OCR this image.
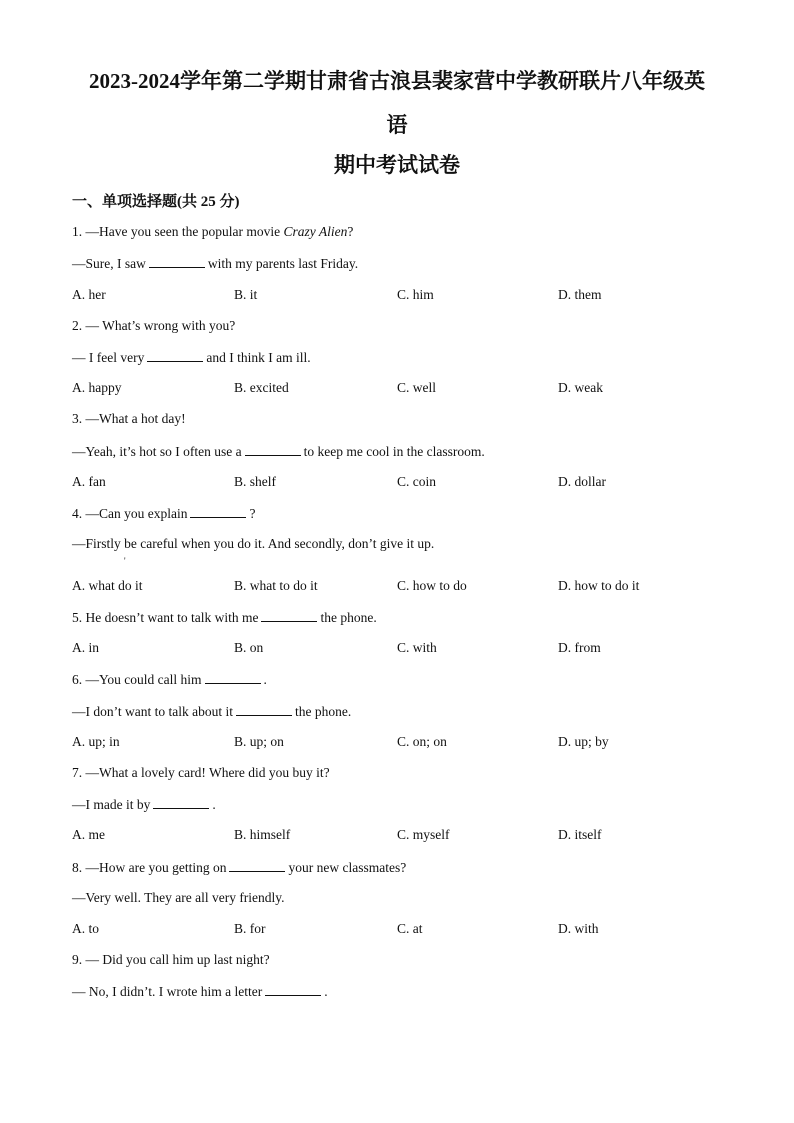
2023-2024学年第二学期甘肃省古浪县裴家营中学教研联片八年级英
语
期中考试试卷
一、单项选择题(共 25 分)
1. —Have you seen the popular movie Crazy Alien?
—Sure, I saw	with my parents last Friday.
A. her	B. it	C. him	D. them
2. — What’s wrong with you?
— I feel very	and I think I am ill.
A. happy	B. excited	C. well	D. weak
3. —What a hot day!
—Yeah, it’s hot so I often use a	to keep me cool in the classroom.
A. fan	B. shelf	C. coin	D. dollar
4. —Can you explain	?
—Firstly be careful when you do it. And secondly, don’t give it up.
'
A. what do it	B. what to do it	C. how to do	D. how to do it
5. He doesn’t want to talk with me	the phone.
A. in	B. on	C. with	D. from
6. —You could call him	.
—I don’t want to talk about it	the phone.
A. up; in	B. up; on	C. on; on	D. up; by
7. —What a lovely card! Where did you buy it?
—I made it by	.
A. me	B. himself	C. myself	D. itself
8. —How are you getting on	your new classmates?
—Very well. They are all very friendly.
A. to	B. for	C. at	D. with
9. — Did you call him up last night?
— No, I didn’t. I wrote him a letter	.
